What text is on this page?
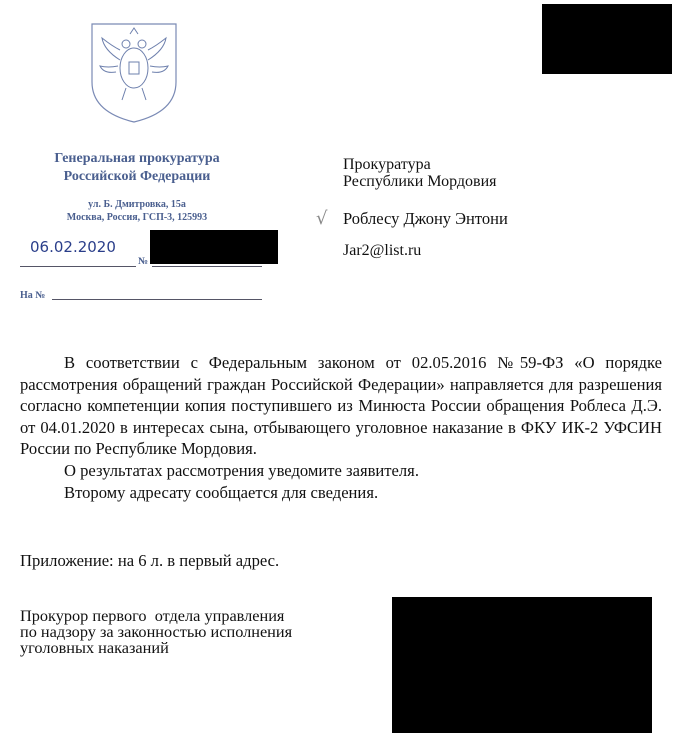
Генеральная прокуратура
Российской Федерации
ул. Б. Дмитровка, 15а
Москва, Россия, ГСП-3, 125993
06.02.2020
№
На №
Прокуратура
Республики Мордовия
√ Роблесу Джону Энтони
Jar2@list.ru

В соответствии с Федеральным законом от 02.05.2016 №59-ФЗ «О порядке рассмотрения обращений граждан Российской Федерации» направляется для разрешения согласно компетенции копия поступившего из Минюста России обращения Роблеса Д.Э. от 04.01.2020 в интересах сына, отбывающего уголовное наказание в ФКУ ИК-2 УФСИН России по Республике Мордовия.

О результатах рассмотрения уведомите заявителя.

Второму адресату сообщается для сведения.

Приложение: на 6 л. в первый адрес.
Прокурор первого  отдела управления
по надзору за законностью исполнения
уголовных наказаний
